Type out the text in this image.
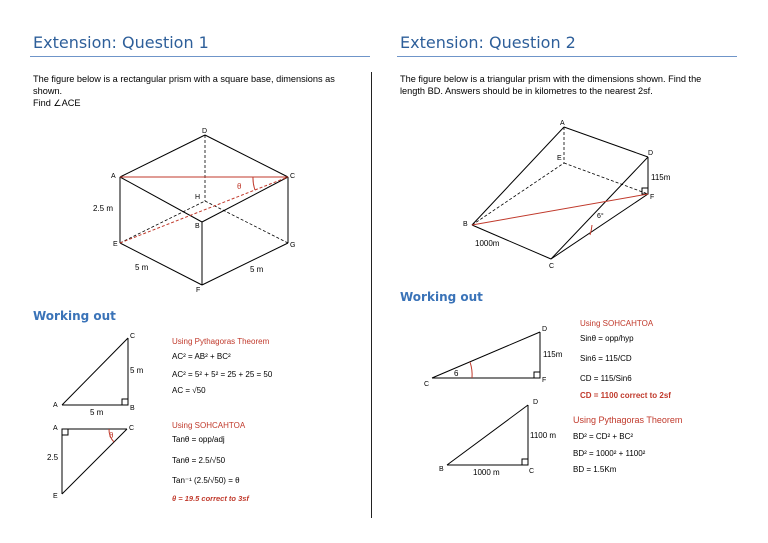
Extension: Question 1
The figure below is a rectangular prism with a square base, dimensions as
shown.
Find ∠ACE
D
A	C
H
B
E	G
F
2.5 m
5 m	5 m
θ
Working out
A	B
C
5 m
5 m
A	C
E
2.5
θ
Using Pythagoras Theorem
AC² = AB² + BC²
AC² = 5² + 5² = 25 + 25 = 50
AC = √50
Using SOHCAHTOA
Tanθ = opp/adj
Tanθ = 2.5/√50
Tan⁻¹ (2.5/√50) = θ
θ = 19.5 correct to 3sf
Extension: Question 2
The figure below is a triangular prism with the dimensions shown. Find the
length BD. Answers should be in kilometres to the nearest 2sf.
A
E
D
F
B
C
115m
1000m
6°
Working out
C
D
F
115m
6
B	C
D
1100 m
1000 m
Using SOHCAHTOA
Sinθ = opp/hyp
Sin6 = 115/CD
CD = 115/Sin6
CD = 1100 correct to 2sf
Using Pythagoras Theorem
BD² = CD² + BC²
BD² = 1000² + 1100²
BD = 1.5Km
